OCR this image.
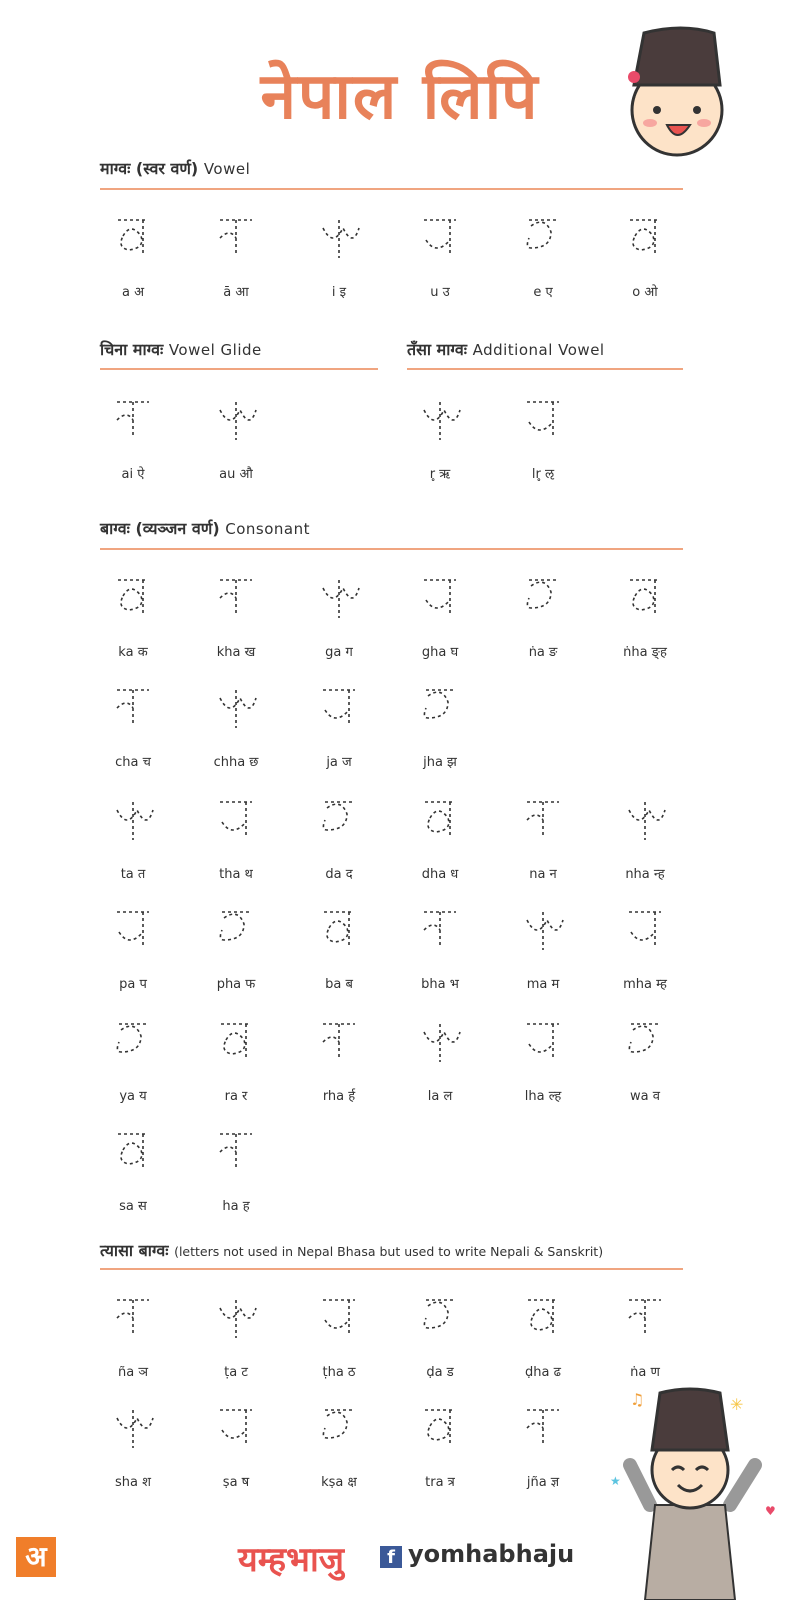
नेपाल लिपि
माग्वः (स्वर वर्ण) Vowel
a अ	ā आ	i इ	u उ	e ए	o ओ
चिना माग्वः Vowel Glide	तँसा माग्वः Additional Vowel
ai ऐ	au औ	r̥ ऋ	lr̥ ऌ
बाग्वः (व्यञ्जन वर्ण) Consonant
ka क	kha ख	ga ग	gha घ	ṅa ङ	ṅha ङ्ह
cha च	chha छ	ja ज	jha झ
ta त	tha थ	da द	dha ध	na न	nha न्ह
pa प	pha फ	ba ब	bha भ	ma म	mha म्ह
ya य	ra र	rha र्ह	la ल	lha ल्ह	wa व
sa स	ha ह
त्यासा बाग्वः (letters not used in Nepal Bhasa but used to write Nepali & Sanskrit)
ña ञ	ṭa ट	ṭha ठ	ḍa ड	ḍha ढ	ṅa ण
sha श	ṣa ष	kṣa क्ष	tra त्र	jña ज्ञ
♫	✳
★
♥
अ	यम्हभाजु	f yomhabhaju
